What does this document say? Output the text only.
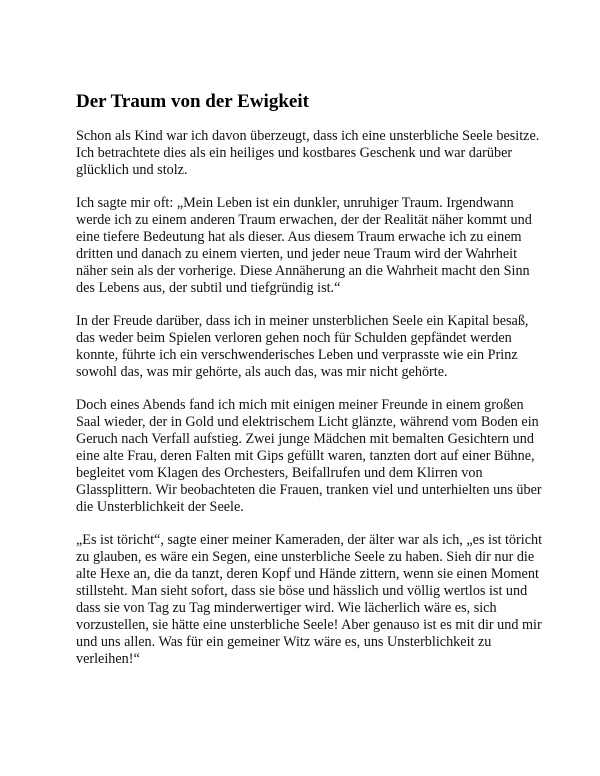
Der Traum von der Ewigkeit

Schon als Kind war ich davon überzeugt, dass ich eine unsterbliche Seele besitze. Ich betrachtete dies als ein heiliges und kostbares Geschenk und war darüber glücklich und stolz.

Ich sagte mir oft: „Mein Leben ist ein dunkler, unruhiger Traum. Irgendwann werde ich zu einem anderen Traum erwachen, der der Realität näher kommt und eine tiefere Bedeutung hat als dieser. Aus diesem Traum erwache ich zu einem dritten und danach zu einem vierten, und jeder neue Traum wird der Wahrheit näher sein als der vorherige. Diese Annäherung an die Wahrheit macht den Sinn des Lebens aus, der subtil und tiefgründig ist.“

In der Freude darüber, dass ich in meiner unsterblichen Seele ein Kapital besaß, das weder beim Spielen verloren gehen noch für Schulden gepfändet werden konnte, führte ich ein verschwenderisches Leben und verprasste wie ein Prinz sowohl das, was mir gehörte, als auch das, was mir nicht gehörte.

Doch eines Abends fand ich mich mit einigen meiner Freunde in einem großen Saal wieder, der in Gold und elektrischem Licht glänzte, während vom Boden ein Geruch nach Verfall aufstieg. Zwei junge Mädchen mit bemalten Gesichtern und eine alte Frau, deren Falten mit Gips gefüllt waren, tanzten dort auf einer Bühne, begleitet vom Klagen des Orchesters, Beifallrufen und dem Klirren von Glassplittern. Wir beobachteten die Frauen, tranken viel und unterhielten uns über die Unsterblichkeit der Seele.

„Es ist töricht“, sagte einer meiner Kameraden, der älter war als ich, „es ist töricht zu glauben, es wäre ein Segen, eine unsterbliche Seele zu haben. Sieh dir nur die alte Hexe an, die da tanzt, deren Kopf und Hände zittern, wenn sie einen Moment stillsteht. Man sieht sofort, dass sie böse und hässlich und völlig wertlos ist und dass sie von Tag zu Tag minderwertiger wird. Wie lächerlich wäre es, sich vorzustellen, sie hätte eine unsterbliche Seele! Aber genauso ist es mit dir und mir und uns allen. Was für ein gemeiner Witz wäre es, uns Unsterblichkeit zu verleihen!“
